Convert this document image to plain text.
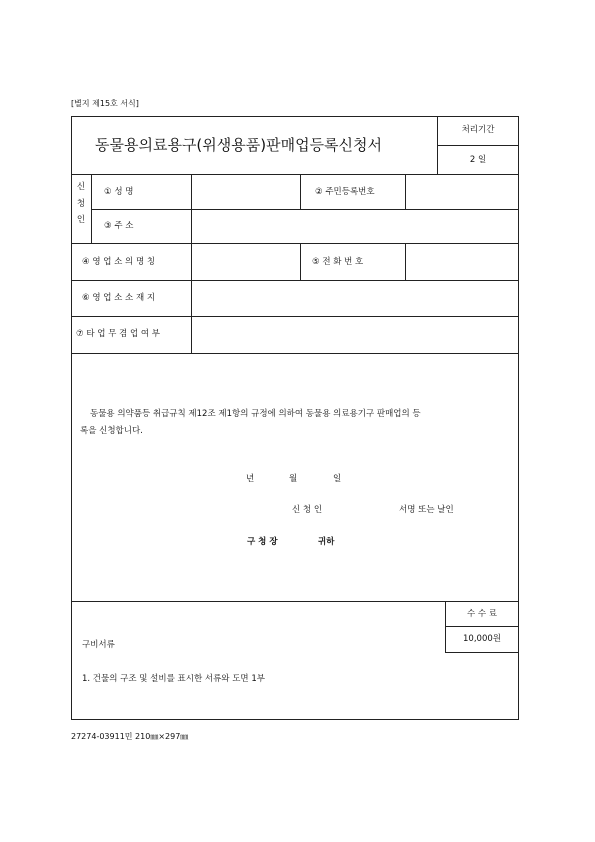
[별지 제15호 서식]
동물용의료용구(위생용품)판매업등록신청서
처리기간
2 일
신
청
인
① 성 명	② 주민등록번호
③ 주 소
④ 영 업 소 의 명 칭	⑤ 전 화 번 호
⑥ 영 업 소 소 재 지
⑦ 타 업 무 겸 업 여 부
동물용 의약품등 취급규칙 제12조 제1항의 규정에 의하여 동물용 의료용기구 판매업의 등
록을 신청합니다.
년	월	일
신 청 인	서명 또는 날인
구 청 장	귀하
구비서류
1. 건물의 구조 및 설비를 표시한 서류와 도면 1부
수 수 료
10,000원
27274-03911민 210㎜×297㎜
